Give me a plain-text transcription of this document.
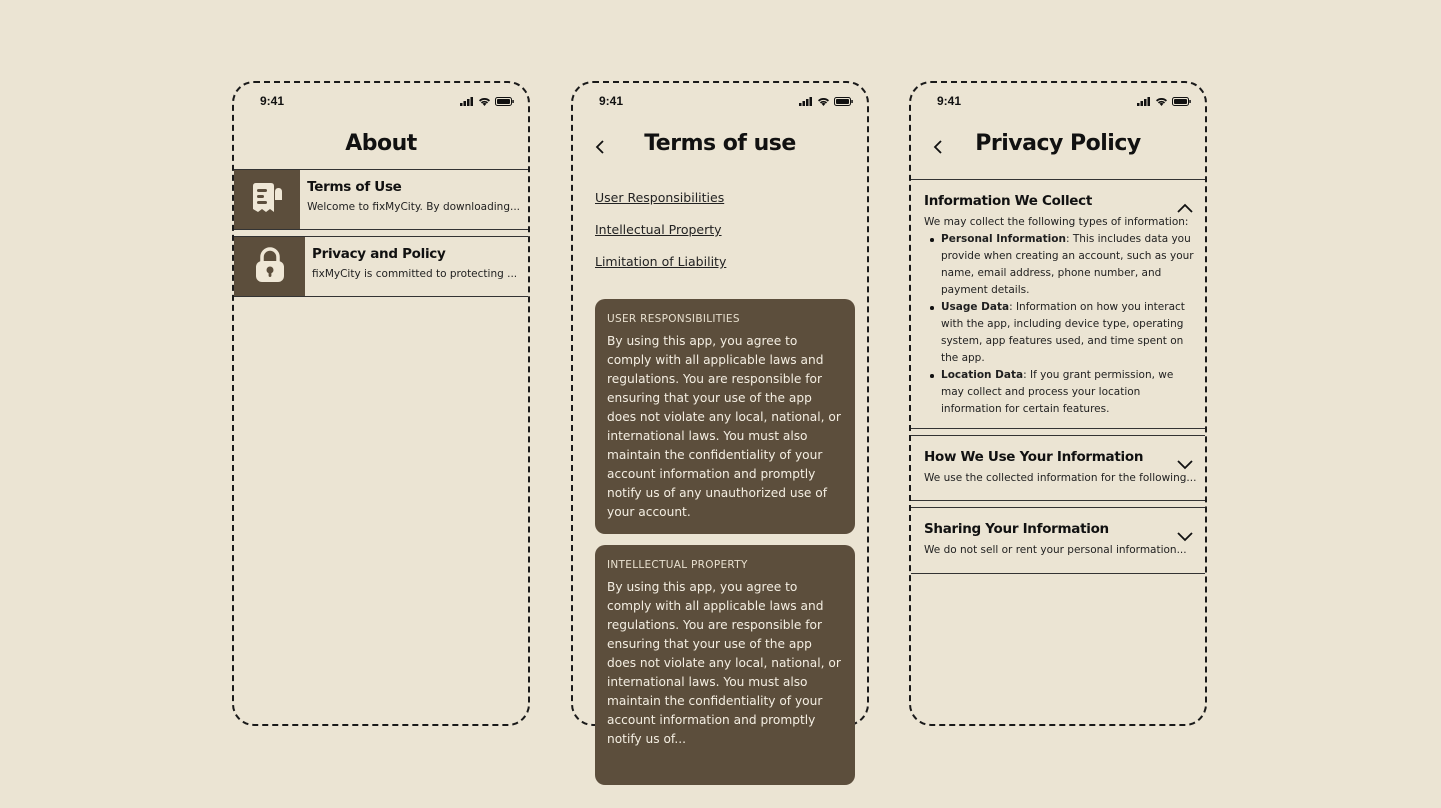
9:41
About
Terms of Use
Welcome to fixMyCity. By downloading...
Privacy and Policy
fixMyCity is committed to protecting ...
9:41
Terms of use
User Responsibilities
Intellectual Property
Limitation of Liability
USER RESPONSIBILITIES
By using this app, you agree to comply with all applicable laws and regulations. You are responsible for ensuring that your use of the app does not violate any local, national, or international laws. You must also maintain the confidentiality of your account information and promptly notify us of any unauthorized use of your account.
INTELLECTUAL PROPERTY
By using this app, you agree to comply with all applicable laws and regulations. You are responsible for ensuring that your use of the app does not violate any local, national, or international laws. You must also maintain the confidentiality of your account information and promptly notify us of...
9:41
Privacy Policy
Information We Collect
We may collect the following types of information:
Personal Information: This includes data you provide when creating an account, such as your name, email address, phone number, and payment details.
Usage Data: Information on how you interact with the app, including device type, operating system, app features used, and time spent on the app.
Location Data: If you grant permission, we may collect and process your location information for certain features.
How We Use Your Information
We use the collected information for the following...
Sharing Your Information
We do not sell or rent your personal information...
